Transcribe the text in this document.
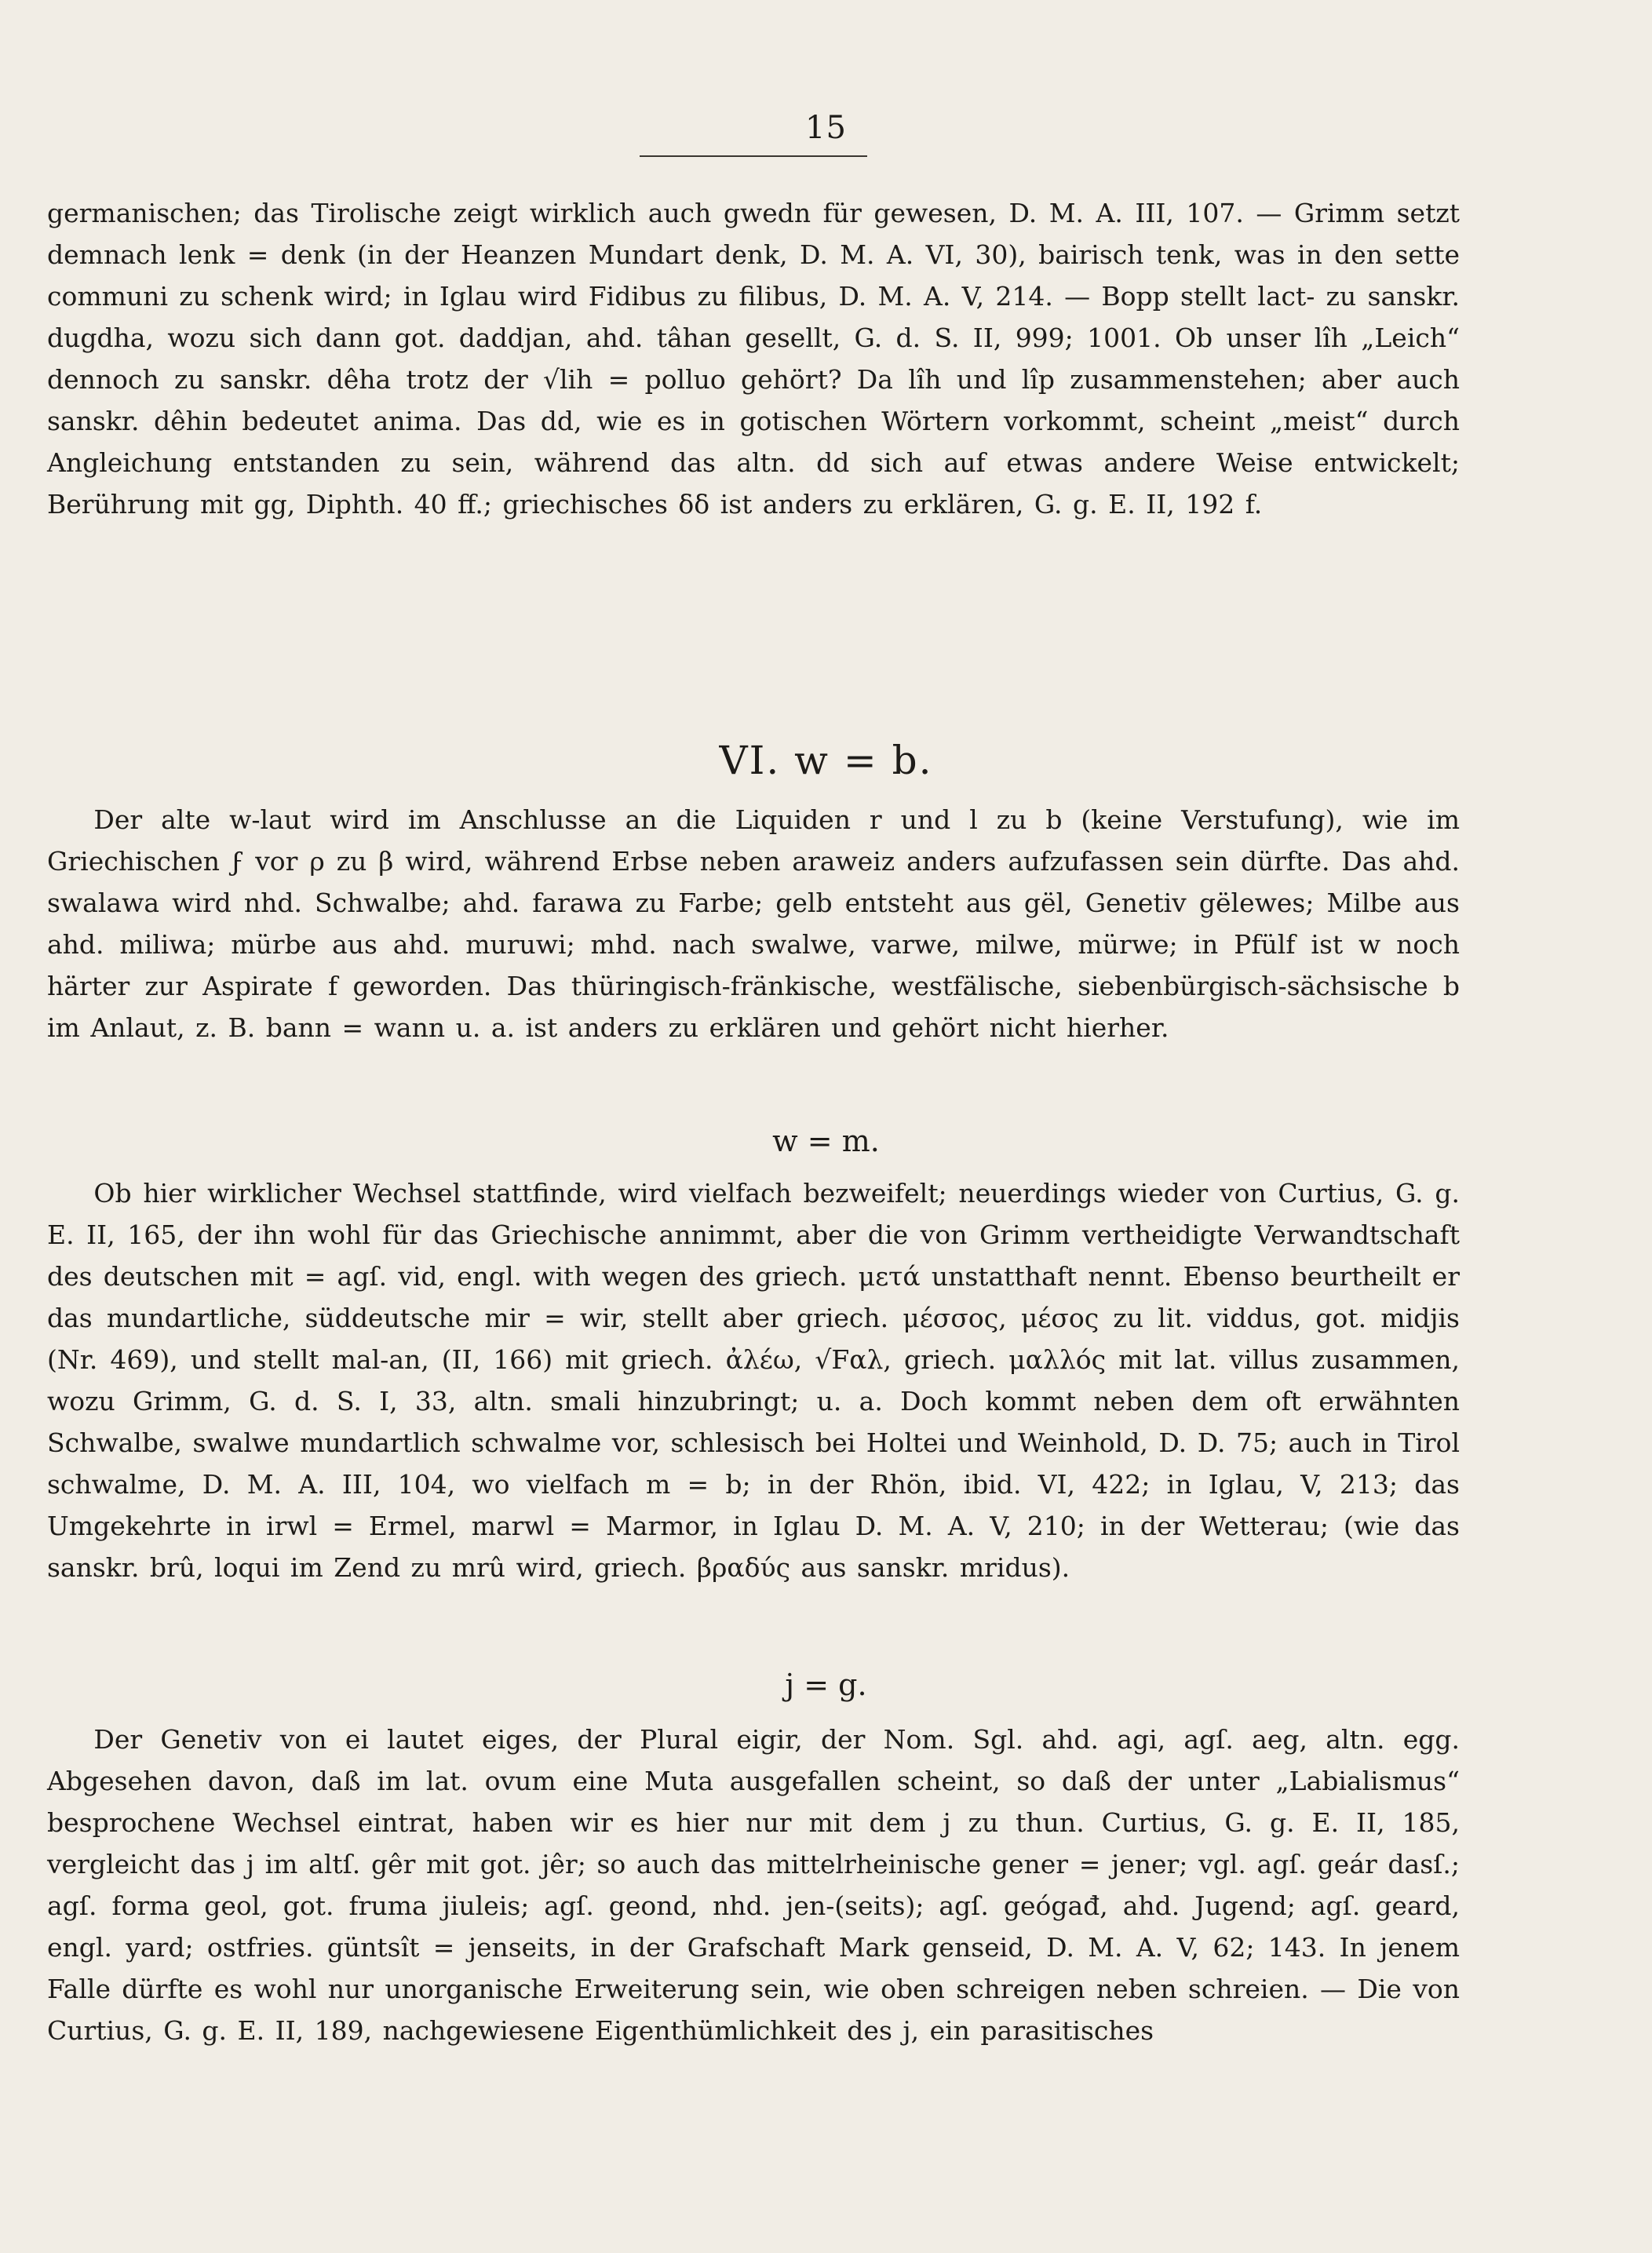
15

germanischen; das Tirolische zeigt wirklich auch gwedn für gewesen, D. M. A. III, 107. — Grimm setzt demnach lenk = denk (in der Heanzen Mundart denk, D. M. A. VI, 30), bairisch tenk, was in den sette communi zu schenk wird; in Iglau wird Fidibus zu filibus, D. M. A. V, 214. — Bopp stellt lact- zu sanskr. dugdha, wozu sich dann got. daddjan, ahd. tâhan gesellt, G. d. S. II, 999; 1001. Ob unser lîh „Leich“ dennoch zu sanskr. dêha trotz der √lih = polluo gehört? Da lîh und lîp zusammenstehen; aber auch sanskr. dêhin bedeutet anima. Das dd, wie es in gotischen Wörtern vorkommt, scheint „meist“ durch Angleichung entstanden zu sein, während das altn. dd sich auf etwas andere Weise entwickelt; Berührung mit gg, Diphth. 40 ff.; griechisches δδ ist anders zu erklären, G. g. E. II, 192 f.

VI. w = b.

Der alte w-laut wird im Anschlusse an die Liquiden r und l zu b (keine Verstufung), wie im Griechischen ϝ vor ρ zu β wird, während Erbse neben araweiz anders aufzufassen sein dürfte. Das ahd. swalawa wird nhd. Schwalbe; ahd. farawa zu Farbe; gelb entsteht aus gël, Genetiv gëlewes; Milbe aus ahd. miliwa; mürbe aus ahd. muruwi; mhd. nach swalwe, varwe, milwe, mürwe; in Pfülf ist w noch härter zur Aspirate f geworden. Das thüringisch-fränkische, westfälische, siebenbürgisch-sächsische b im Anlaut, z. B. bann = wann u. a. ist anders zu erklären und gehört nicht hierher.

w = m.

Ob hier wirklicher Wechsel stattfinde, wird vielfach bezweifelt; neuerdings wieder von Curtius, G. g. E. II, 165, der ihn wohl für das Griechische annimmt, aber die von Grimm vertheidigte Verwandtschaft des deutschen mit = agſ. vid, engl. with wegen des griech. μετά unstatthaft nennt. Ebenso beurtheilt er das mundartliche, süddeutsche mir = wir, stellt aber griech. μέσσος, μέσος zu lit. viddus, got. midjis (Nr. 469), und stellt mal-an, (II, 166) mit griech. ἀλέω, √Fαλ, griech. μαλλός mit lat. villus zusammen, wozu Grimm, G. d. S. I, 33, altn. smali hinzubringt; u. a. Doch kommt neben dem oft erwähnten Schwalbe, swalwe mundartlich schwalme vor, schlesisch bei Holtei und Weinhold, D. D. 75; auch in Tirol schwalme, D. M. A. III, 104, wo vielfach m = b; in der Rhön, ibid. VI, 422; in Iglau, V, 213; das Umgekehrte in irwl = Ermel, marwl = Marmor, in Iglau D. M. A. V, 210; in der Wetterau; (wie das sanskr. brû, loqui im Zend zu mrû wird, griech. βραδύς aus sanskr. mridus).

j = g.

Der Genetiv von ei lautet eiges, der Plural eigir, der Nom. Sgl. ahd. agi, agſ. aeg, altn. egg. Abgesehen davon, daß im lat. ovum eine Muta ausgefallen scheint, so daß der unter „Labialismus“ besprochene Wechsel eintrat, haben wir es hier nur mit dem j zu thun. Curtius, G. g. E. II, 185, vergleicht das j im altſ. gêr mit got. jêr; so auch das mittelrheinische gener = jener; vgl. agſ. geár dasſ.; agſ. forma geol, got. fruma jiuleis; agſ. geond, nhd. jen-(seits); agſ. geógađ, ahd. Jugend; agſ. geard, engl. yard; ostfries. güntsît = jenseits, in der Grafschaft Mark genseid, D. M. A. V, 62; 143. In jenem Falle dürfte es wohl nur unorganische Erweiterung sein, wie oben schreigen neben schreien. — Die von Curtius, G. g. E. II, 189, nachgewiesene Eigenthümlichkeit des j, ein parasitisches
